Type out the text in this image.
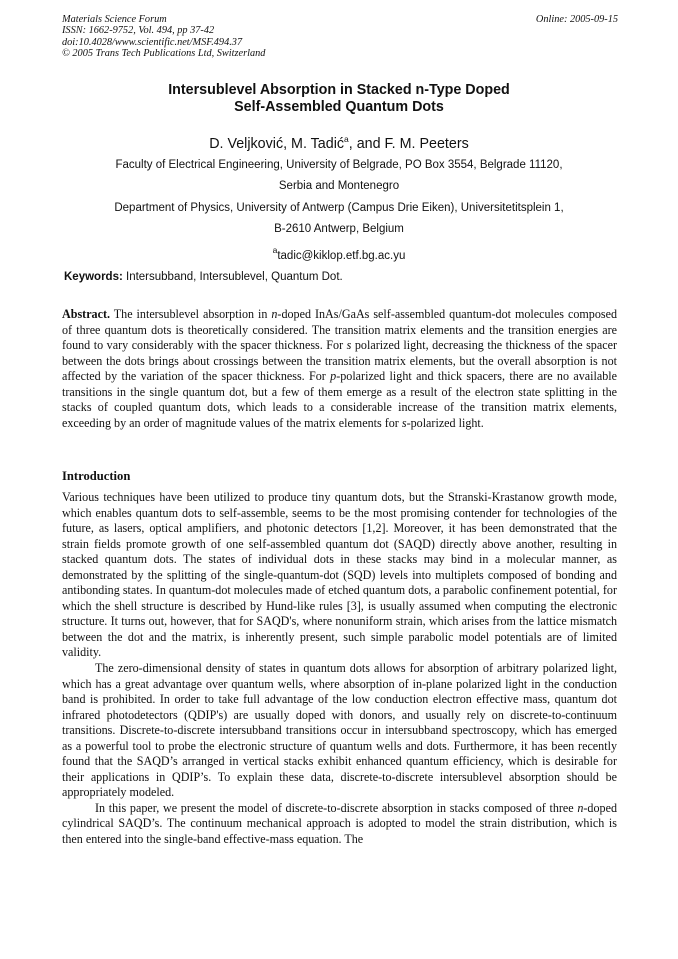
Materials Science Forum
ISSN: 1662-9752, Vol. 494, pp 37-42
doi:10.4028/www.scientific.net/MSF.494.37
© 2005 Trans Tech Publications Ltd, Switzerland
Online: 2005-09-15
Intersublevel Absorption in Stacked n-Type Doped
Self-Assembled Quantum Dots
D. Veljković, M. Tadić$^a$, and F. M. Peeters
Faculty of Electrical Engineering, University of Belgrade, PO Box 3554, Belgrade 11120,
Serbia and Montenegro
Department of Physics, University of Antwerp (Campus Drie Eiken), Universitetitsplein 1,
B-2610 Antwerp, Belgium
$^a$tadic@kiklop.etf.bg.ac.yu
Keywords: Intersubband, Intersublevel, Quantum Dot.
Abstract. The intersublevel absorption in n-doped InAs/GaAs self-assembled quantum-dot molecules composed of three quantum dots is theoretically considered. The transition matrix elements and the transition energies are found to vary considerably with the spacer thickness. For s polarized light, decreasing the thickness of the spacer between the dots brings about crossings between the transition matrix elements, but the overall absorption is not affected by the variation of the spacer thickness. For p-polarized light and thick spacers, there are no available transitions in the single quantum dot, but a few of them emerge as a result of the electron state splitting in the stacks of coupled quantum dots, which leads to a considerable increase of the transition matrix elements, exceeding by an order of magnitude values of the matrix elements for s-polarized light.
Introduction

Various techniques have been utilized to produce tiny quantum dots, but the Stranski-Krastanow growth mode, which enables quantum dots to self-assemble, seems to be the most promising contender for technologies of the future, as lasers, optical amplifiers, and photonic detectors [1,2]. Moreover, it has been demonstrated that the strain fields promote growth of one self-assembled quantum dot (SAQD) directly above another, resulting in stacked quantum dots. The states of individual dots in these stacks may bind in a molecular manner, as demonstrated by the splitting of the single-quantum-dot (SQD) levels into multiplets composed of bonding and antibonding states. In quantum-dot molecules made of etched quantum dots, a parabolic confinement potential, for which the shell structure is described by Hund-like rules [3], is usually assumed when computing the electronic structure. It turns out, however, that for SAQD's, where nonuniform strain, which arises from the lattice mismatch between the dot and the matrix, is inherently present, such simple parabolic model potentials are of limited validity.

The zero-dimensional density of states in quantum dots allows for absorption of arbitrary polarized light, which has a great advantage over quantum wells, where absorption of in-plane polarized light in the conduction band is prohibited. In order to take full advantage of the low conduction electron effective mass, quantum dot infrared photodetectors (QDIP's) are usually doped with donors, and usually rely on discrete-to-continuum transitions. Discrete-to-discrete intersubband transitions occur in intersubband spectroscopy, which has emerged as a powerful tool to probe the electronic structure of quantum wells and dots. Furthermore, it has been recently found that the SAQD’s arranged in vertical stacks exhibit enhanced quantum efficiency, which is desirable for their applications in QDIP’s. To explain these data, discrete-to-discrete intersublevel absorption should be appropriately modeled.

In this paper, we present the model of discrete-to-discrete absorption in stacks composed of three n-doped cylindrical SAQD’s. The continuum mechanical approach is adopted to model the strain distribution, which is then entered into the single-band effective-mass equation. The
